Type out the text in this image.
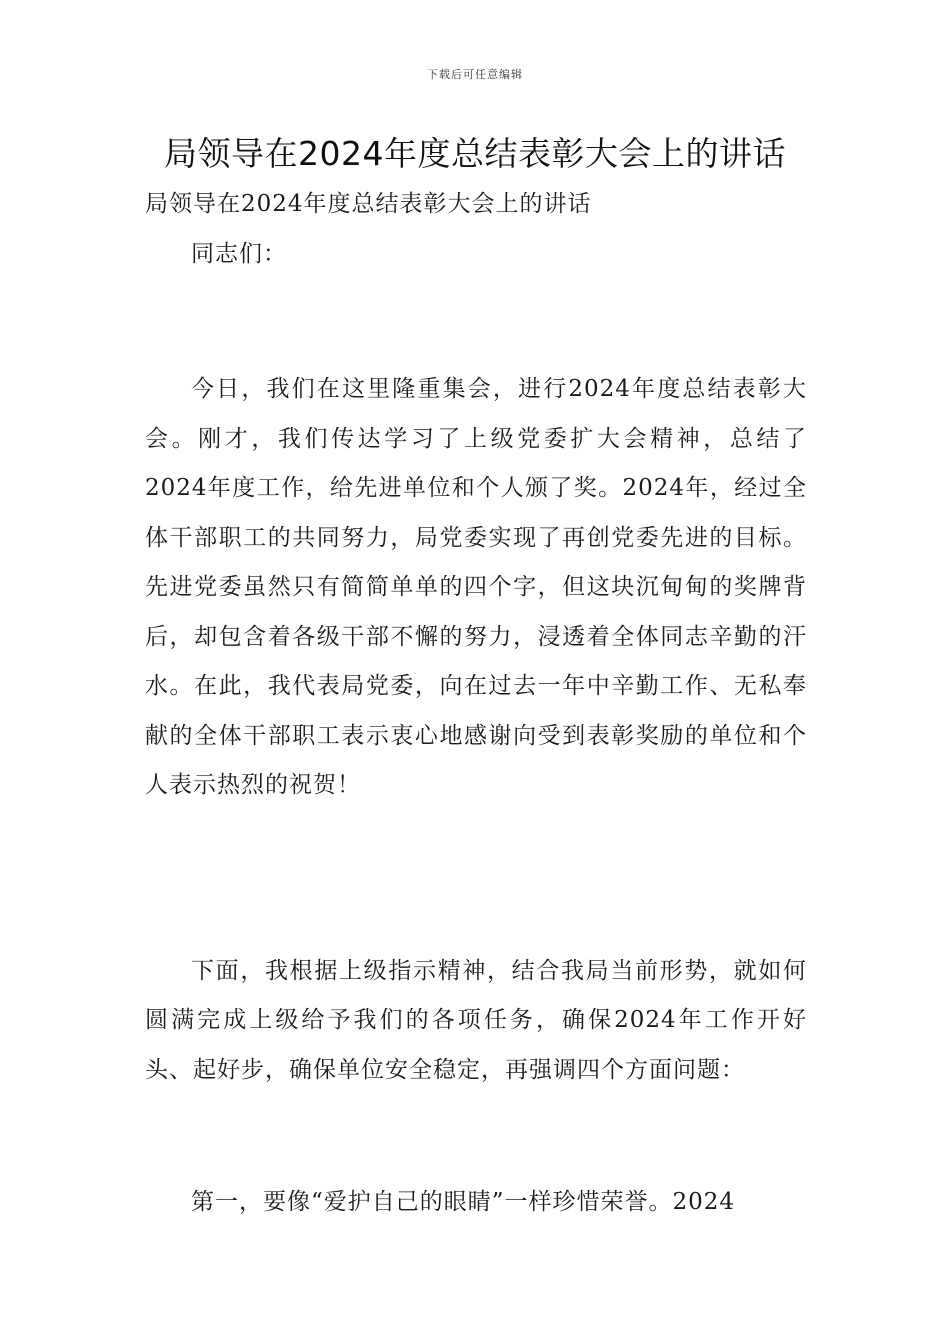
下载后可任意编辑
局领导在2024年度总结表彰大会上的讲话

局领导在2024年度总结表彰大会上的讲话

同志们：

今日，我们在这里隆重集会，进行2024年度总结表彰大会。刚才，我们传达学习了上级党委扩大会精神，总结了2024年度工作，给先进单位和个人颁了奖。2024年，经过全体干部职工的共同努力，局党委实现了再创党委先进的目标。先进党委虽然只有简简单单的四个字，但这块沉甸甸的奖牌背后，却包含着各级干部不懈的努力，浸透着全体同志辛勤的汗水。在此，我代表局党委，向在过去一年中辛勤工作、无私奉献的全体干部职工表示衷心地感谢向受到表彰奖励的单位和个人表示热烈的祝贺！

下面，我根据上级指示精神，结合我局当前形势，就如何圆满完成上级给予我们的各项任务，确保2024年工作开好头、起好步，确保单位安全稳定，再强调四个方面问题：

第一，要像“爱护自己的眼睛”一样珍惜荣誉。2024
